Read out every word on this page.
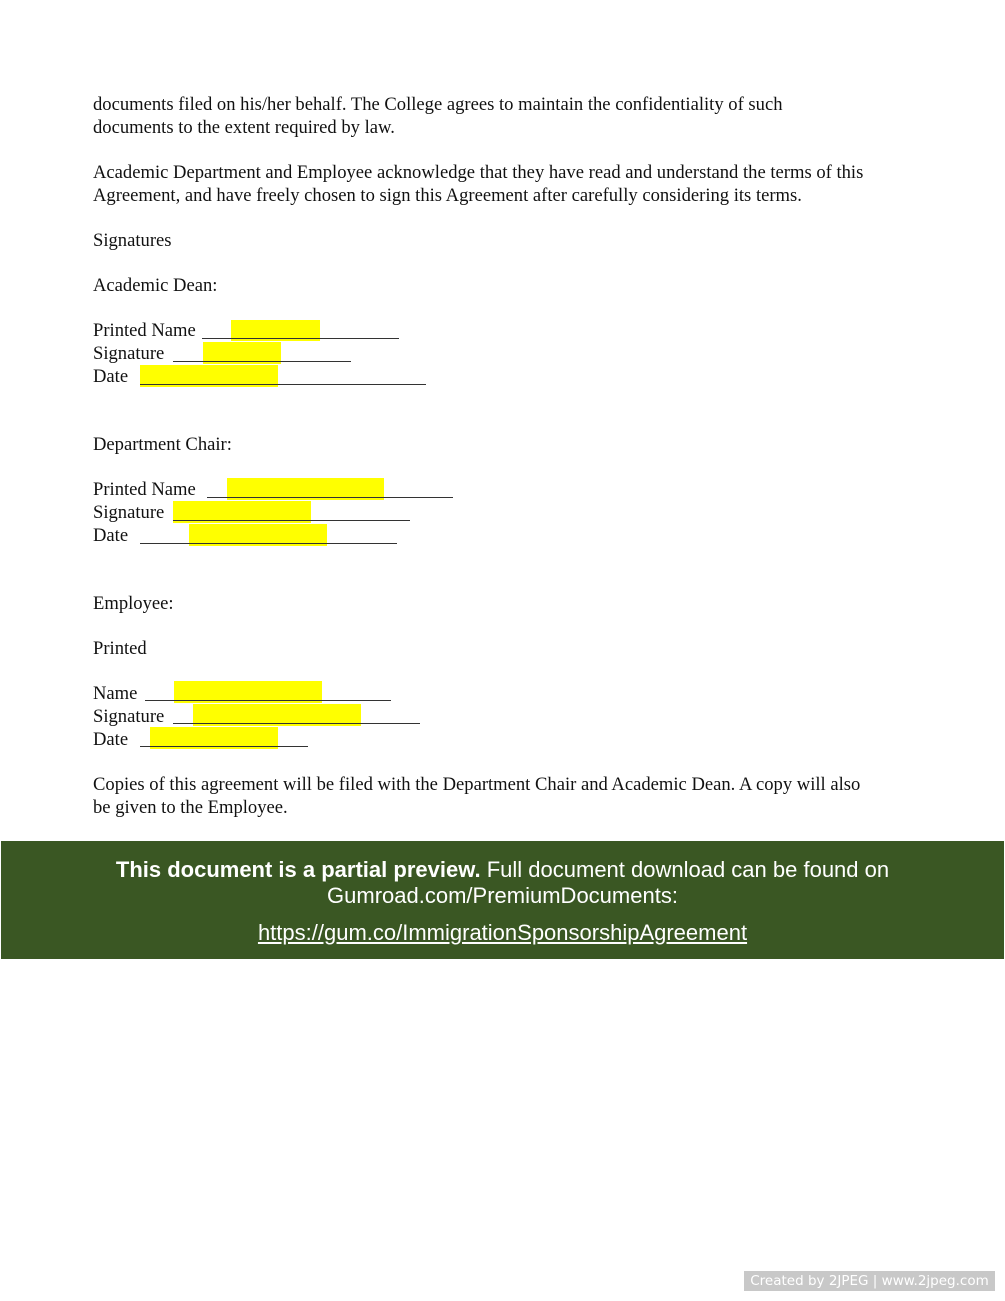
documents filed on his/her behalf. The College agrees to maintain the confidentiality of such
documents to the extent required by law.
Academic Department and Employee acknowledge that they have read and understand the terms of this
Agreement, and have freely chosen to sign this Agreement after carefully considering its terms.
Signatures
Academic Dean:
Printed Name
Signature
Date
Department Chair:
Printed Name
Signature
Date
Employee:
Printed
Name
Signature
Date
Copies of this agreement will be filed with the Department Chair and Academic Dean. A copy will also
be given to the Employee.
This document is a partial preview. Full document download can be found on
Gumroad.com/PremiumDocuments:
https://gum.co/ImmigrationSponsorshipAgreement
Created by 2JPEG | www.2jpeg.com
